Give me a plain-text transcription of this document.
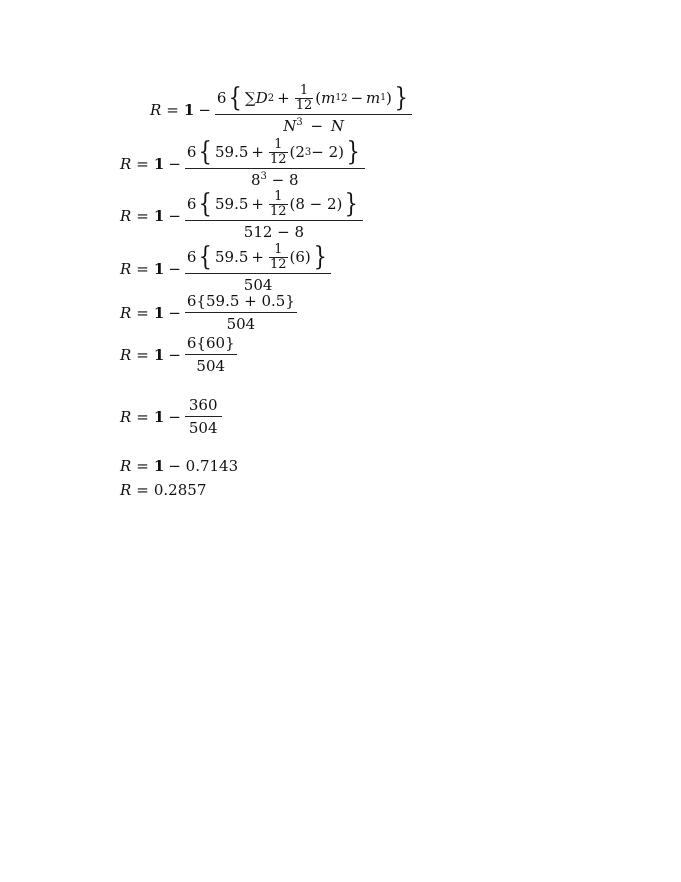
R = 1 −
6 { ∑ D $2 + \frac{1}{12}$ ( m 1 2 − m 1 ) }
$N^3 - N$
R = 1 −
6 { $59.5 + \frac{1}{12} (2$ 3 − 2) }
$8^3 - 8$
$R = 1 - \frac{6 \{ 59.5 + \frac{1}{12} (8 - 2) \}}{512 - 8}$
$R = 1 - \frac{6 \{ 59.5 + \frac{1}{12} (6) \}}{504}$
$R = 1 - \frac{6\{59.5 + 0.5\}}{504}$
$R = 1 - \frac{6\{60\}}{504}$
$R = 1 - \frac{360}{504}$
R = 1 − 0.7143
R = 0.2857
